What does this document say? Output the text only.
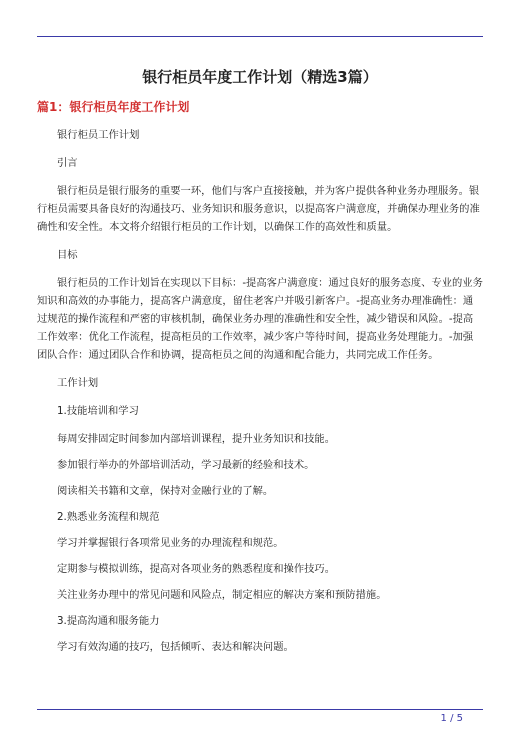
银行柜员年度工作计划（精选3篇）
篇1：银行柜员年度工作计划

银行柜员工作计划

引言

银行柜员是银行服务的重要一环，他们与客户直接接触，并为客户提供各种业务办理服务。银行柜员需要具备良好的沟通技巧、业务知识和服务意识，以提高客户满意度，并确保办理业务的准确性和安全性。本文将介绍银行柜员的工作计划，以确保工作的高效性和质量。

目标

银行柜员的工作计划旨在实现以下目标：-提高客户满意度：通过良好的服务态度、专业的业务知识和高效的办事能力，提高客户满意度，留住老客户并吸引新客户。-提高业务办理准确性：通过规范的操作流程和严密的审核机制，确保业务办理的准确性和安全性，减少错误和风险。-提高工作效率：优化工作流程，提高柜员的工作效率，减少客户等待时间，提高业务处理能力。-加强团队合作：通过团队合作和协调，提高柜员之间的沟通和配合能力，共同完成工作任务。

工作计划

1.技能培训和学习

每周安排固定时间参加内部培训课程，提升业务知识和技能。

参加银行举办的外部培训活动，学习最新的经验和技术。

阅读相关书籍和文章，保持对金融行业的了解。

2.熟悉业务流程和规范

学习并掌握银行各项常见业务的办理流程和规范。

定期参与模拟训练，提高对各项业务的熟悉程度和操作技巧。

关注业务办理中的常见问题和风险点，制定相应的解决方案和预防措施。

3.提高沟通和服务能力

学习有效沟通的技巧，包括倾听、表达和解决问题。

1 / 5
